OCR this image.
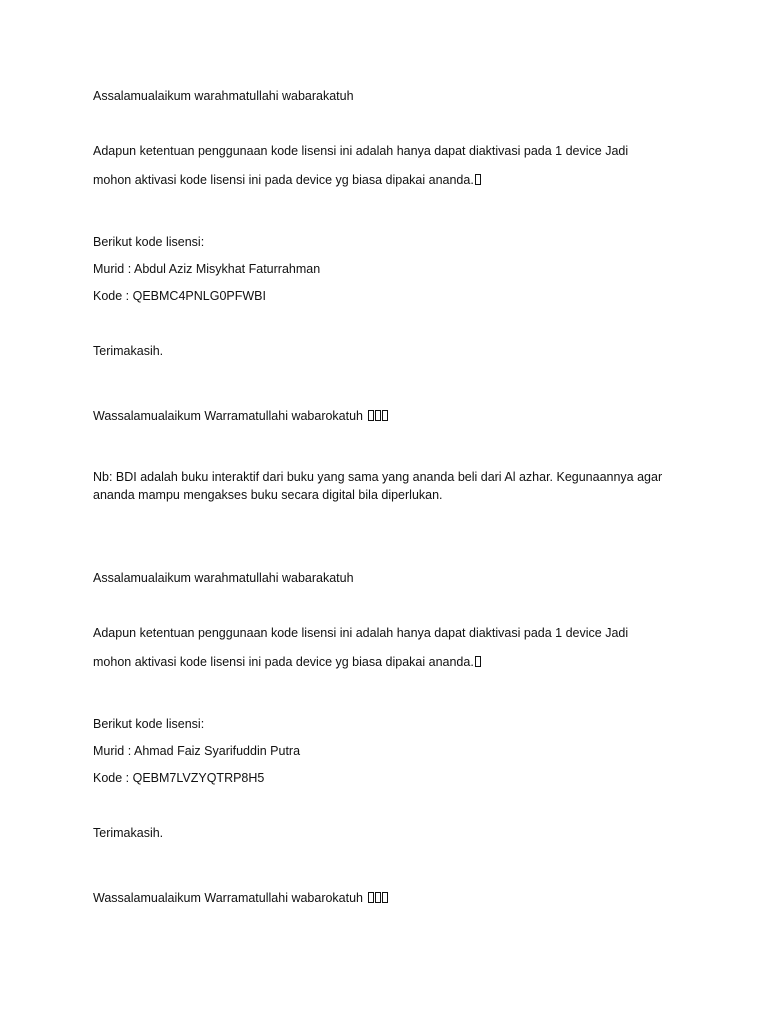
Assalamualaikum warahmatullahi wabarakatuh
Adapun ketentuan penggunaan kode lisensi ini adalah hanya dapat diaktivasi pada 1 device Jadi
mohon aktivasi kode lisensi ini pada device yg biasa dipakai ananda.
Berikut kode lisensi:
Murid : Abdul Aziz Misykhat Faturrahman
Kode : QEBMC4PNLG0PFWBI
Terimakasih.
Wassalamualaikum Warramatullahi wabarokatuh
Nb: BDI adalah buku interaktif dari buku yang sama yang ananda beli dari Al azhar. Kegunaannya agar ananda mampu mengakses buku secara digital bila diperlukan.
Assalamualaikum warahmatullahi wabarakatuh
Adapun ketentuan penggunaan kode lisensi ini adalah hanya dapat diaktivasi pada 1 device Jadi
mohon aktivasi kode lisensi ini pada device yg biasa dipakai ananda.
Berikut kode lisensi:
Murid : Ahmad Faiz Syarifuddin Putra
Kode : QEBM7LVZYQTRP8H5
Terimakasih.
Wassalamualaikum Warramatullahi wabarokatuh
